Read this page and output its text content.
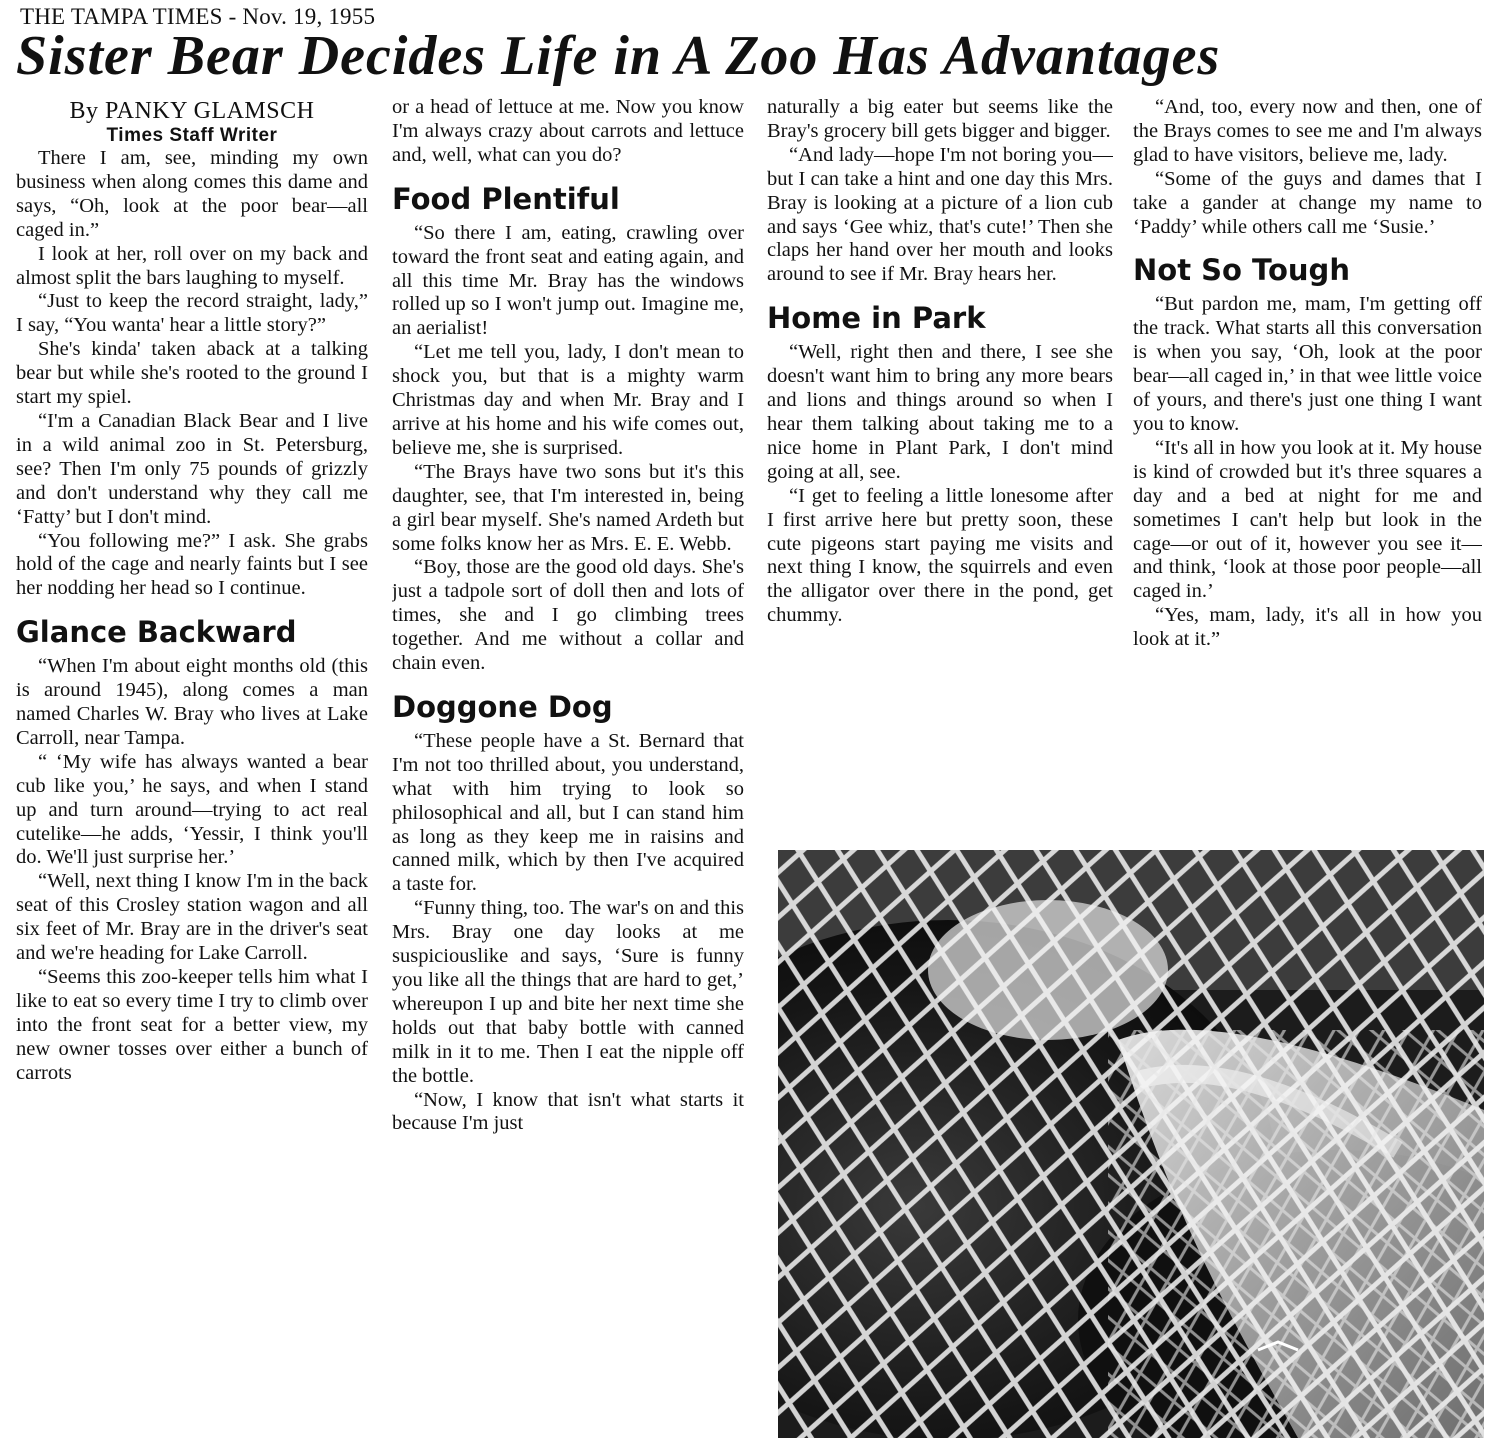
THE TAMPA TIMES - Nov. 19, 1955
Sister Bear Decides Life in A Zoo Has Advantages
By PANKY GLAMSCH
Times Staff Writer

There I am, see, minding my own business when along comes this dame and says, “Oh, look at the poor bear—all caged in.”

I look at her, roll over on my back and almost split the bars laughing to myself.

“Just to keep the record straight, lady,” I say, “You wanta' hear a little story?”

She's kinda' taken aback at a talking bear but while she's rooted to the ground I start my spiel.

“I'm a Canadian Black Bear and I live in a wild animal zoo in St. Petersburg, see? Then I'm only 75 pounds of grizzly and don't understand why they call me ‘Fatty’ but I don't mind.

“You following me?” I ask. She grabs hold of the cage and nearly faints but I see her nodding her head so I continue.

Glance Backward

“When I'm about eight months old (this is around 1945), along comes a man named Charles W. Bray who lives at Lake Carroll, near Tampa.

“ ‘My wife has always wanted a bear cub like you,’ he says, and when I stand up and turn around—trying to act real cutelike—he adds, ‘Yessir, I think you'll do. We'll just surprise her.’

“Well, next thing I know I'm in the back seat of this Crosley station wagon and all six feet of Mr. Bray are in the driver's seat and we're heading for Lake Carroll.

“Seems this zoo-keeper tells him what I like to eat so every time I try to climb over into the front seat for a better view, my new owner tosses over either a bunch of carrots

or a head of lettuce at me. Now you know I'm always crazy about carrots and lettuce and, well, what can you do?

Food Plentiful

“So there I am, eating, crawling over toward the front seat and eating again, and all this time Mr. Bray has the windows rolled up so I won't jump out. Imagine me, an aerialist!

“Let me tell you, lady, I don't mean to shock you, but that is a mighty warm Christmas day and when Mr. Bray and I arrive at his home and his wife comes out, believe me, she is surprised.

“The Brays have two sons but it's this daughter, see, that I'm interested in, being a girl bear myself. She's named Ardeth but some folks know her as Mrs. E. E. Webb.

“Boy, those are the good old days. She's just a tadpole sort of doll then and lots of times, she and I go climbing trees together. And me without a collar and chain even.

Doggone Dog

“These people have a St. Bernard that I'm not too thrilled about, you understand, what with him trying to look so philosophical and all, but I can stand him as long as they keep me in raisins and canned milk, which by then I've acquired a taste for.

“Funny thing, too. The war's on and this Mrs. Bray one day looks at me suspiciouslike and says, ‘Sure is funny you like all the things that are hard to get,’ whereupon I up and bite her next time she holds out that baby bottle with canned milk in it to me. Then I eat the nipple off the bottle.

“Now, I know that isn't what starts it because I'm just

naturally a big eater but seems like the Bray's grocery bill gets bigger and bigger.

“And lady—hope I'm not boring you—but I can take a hint and one day this Mrs. Bray is looking at a picture of a lion cub and says ‘Gee whiz, that's cute!’ Then she claps her hand over her mouth and looks around to see if Mr. Bray hears her.

Home in Park

“Well, right then and there, I see she doesn't want him to bring any more bears and lions and things around so when I hear them talking about taking me to a nice home in Plant Park, I don't mind going at all, see.

“I get to feeling a little lonesome after I first arrive here but pretty soon, these cute pigeons start paying me visits and next thing I know, the squirrels and even the alligator over there in the pond, get chummy.

“And, too, every now and then, one of the Brays comes to see me and I'm always glad to have visitors, believe me, lady.

“Some of the guys and dames that I take a gander at change my name to ‘Paddy’ while others call me ‘Susie.’

Not So Tough

“But pardon me, mam, I'm getting off the track. What starts all this conversation is when you say, ‘Oh, look at the poor bear—all caged in,’ in that wee little voice of yours, and there's just one thing I want you to know.

“It's all in how you look at it. My house is kind of crowded but it's three squares a day and a bed at night for me and sometimes I can't help but look in the cage—or out of it, however you see it—and think, ‘look at those poor people—all caged in.’

“Yes, mam, lady, it's all in how you look at it.”
